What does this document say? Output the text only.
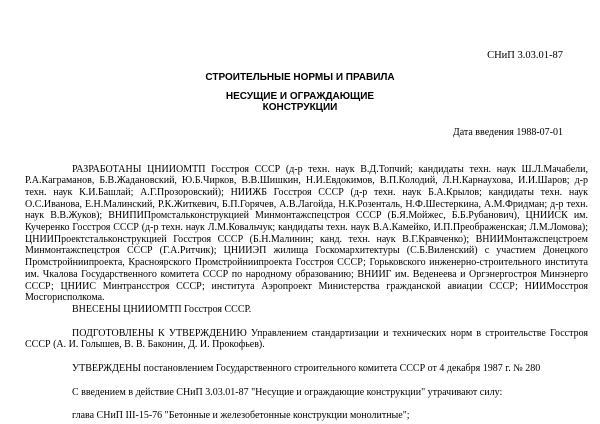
СНиП 3.03.01-87
СТРОИТЕЛЬНЫЕ НОРМЫ И ПРАВИЛА
НЕСУЩИЕ И ОГРАЖДАЮЩИЕ
КОНСТРУКЦИИ
Дата введения 1988-07-01

РАЗРАБОТАНЫ ЦНИИОМТП Госстроя СССР (д-р техн. наук В.Д.Топчий; кандидаты техн. наук Ш.Л.Мачабели, Р.А.Каграманов, Б.В.Жадановский, Ю.Б.Чирков, В.В.Шишкин, Н.И.Евдокимов, В.П.Колодий, Л.Н.Карнаухова, И.И.Шаров; д-р техн. наук К.И.Башлай; А.Г.Прозоровский); НИИЖБ Госстроя СССР (д-р техн. наук Б.А.Крылов; кандидаты техн. наук О.С.Иванова, Е.Н.Малинский, Р.К.Житкевич, Б.П.Горячев, А.В.Лагойда, Н.К.Розенталь, Н.Ф.Шестеркина, А.М.Фридман; д-р техн. наук В.В.Жуков); ВНИПИПромстальконструкцией Минмонтажспецстроя СССР (Б.Я.Мойжес, Б.Б.Рубанович), ЦНИИСК им. Кучеренко Госстроя СССР (д-р техн. наук Л.М.Ковальчук; кандидаты техн. наук В.А.Камейко, И.П.Преображенская; Л.М.Ломова); ЦНИИПроектстальконструкцией Госстроя СССР (Б.Н.Малинин; канд. техн. наук В.Г.Кравченко); ВНИИМонтажспецстроем Минмонтажспецстроя СССР (Г.А.Ритчик); ЦНИИЭП жилища Госкомархитектуры (С.Б.Виленский) с участием Донецкого Промстройниипроекта, Красноярского Промстройниипроекта Госстроя СССР; Горьковского инженерно-строительного института им. Чкалова Государственного комитета СССР по народному образованию; ВНИИГ им. Веденеева и Оргэнергостроя Минэнерго СССР; ЦНИИС Минтрансстроя СССР; института Аэропроект Министерства гражданской авиации СССР; НИИМосстроя Мосгорисполкома.

ВНЕСЕНЫ ЦНИИОМТП Госстроя СССР.

ПОДГОТОВЛЕНЫ К УТВЕРЖДЕНИЮ Управлением стандартизации и технических норм в строительстве Госстроя СССР (А. И. Голышев, В. В. Баконин, Д. И. Прокофьев).

УТВЕРЖДЕНЫ постановлением Государственного строительного комитета СССР от 4 декабря 1987 г. № 280

С введением в действие СНиП 3.03.01-87 "Несущие и ограждающие конструкции" утрачивают силу:

глава СНиП III-15-76 "Бетонные и железобетонные конструкции монолитные";
